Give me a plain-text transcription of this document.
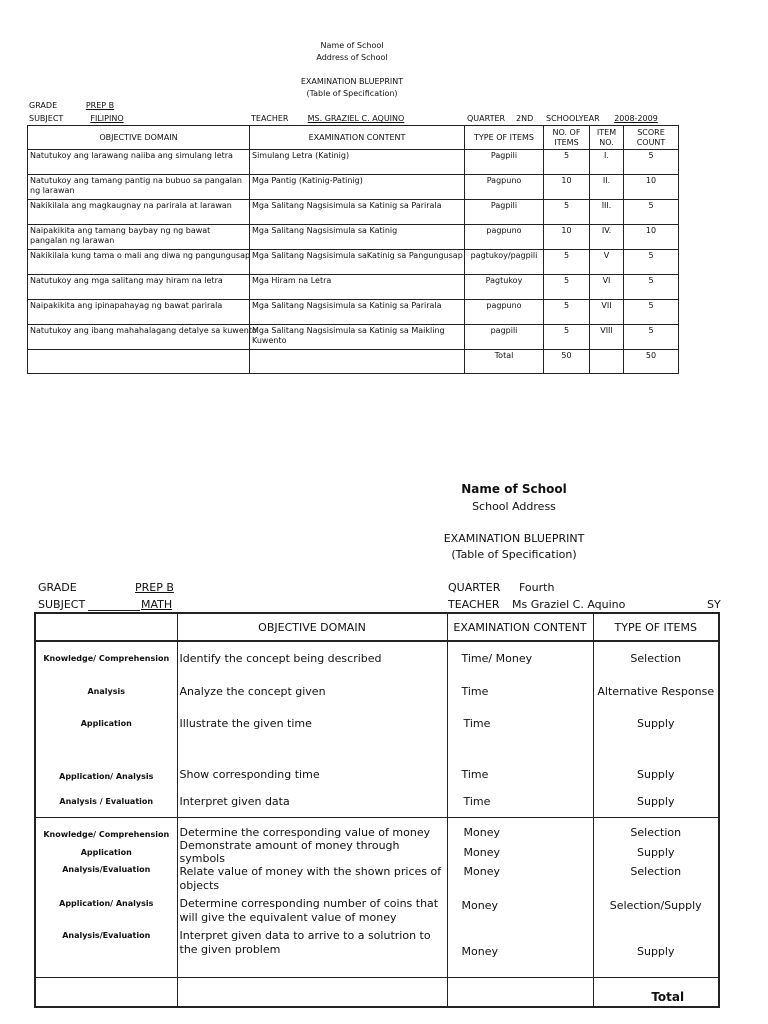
Name of School
Address of School
EXAMINATION BLUEPRINT
(Table of Specification)
GRADE	PREP B
SUBJECT	FILIPINO	TEACHER	MS. GRAZIEL C. AQUINO	QUARTER 2ND SCHOOLYEAR	2008-2009
OBJECTIVE DOMAIN	EXAMINATION CONTENT	TYPE OF ITEMS	NO. OF ITEMS	ITEM NO.	SCORE COUNT
Natutukoy ang larawang naiiba ang simulang letra	Simulang Letra (Katinig)	Pagpili	5	I.	5
Natutukoy ang tamang pantig na bubuo sa pangalan ng larawan	Mga Pantig (Katinig-Patinig)	Pagpuno	10	II.	10
Nakikilala ang magkaugnay na parirala at larawan	Mga Salitang Nagsisimula sa Katinig sa Parirala	Pagpili	5	III.	5
Naipakikita ang tamang baybay ng ng bawat pangalan ng larawan	Mga Salitang Nagsisimula sa Katinig	pagpuno	10	IV.	10
Nakikilala kung tama o mali ang diwa ng pangungusap	Mga Salitang Nagsisimula saKatinig sa Pangungusap	pagtukoy/pagpili	5	V	5
Natutukoy ang mga salitang may hiram na letra	Mga Hiram na Letra	Pagtukoy	5	VI	5
Naipakikita ang ipinapahayag ng bawat parirala	Mga Salitang Nagsisimula sa Katinig sa Parirala	pagpuno	5	VII	5
Natutukoy ang ibang mahahalagang detalye sa kuwento	Mga Salitang Nagsisimula sa Katinig sa Maikling Kuwento	pagpili	5	VIII	5
		Total	50		50
Name of School
School Address
EXAMINATION BLUEPRINT
(Table of Specification)
GRADE	PREP B
SUBJECT	MATH
QUARTER Fourth
TEACHER Ms Graziel C. Aquino	SY
	OBJECTIVE DOMAIN	EXAMINATION CONTENT	TYPE OF ITEMS
Knowledge/ Comprehension	Identify the concept being described	Time/ Money	Selection
Analysis	Analyze the concept given	Time	Alternative Response
Application	Illustrate the given time	Time	Supply
Application/ Analysis	Show corresponding time	Time	Supply
Analysis / Evaluation	Interpret given data	Time	Supply
Knowledge/ Comprehension	Determine the corresponding value of money	Money	Selection
Application	Demonstrate amount of money through symbols	Money	Supply
Analysis/Evaluation	Relate value of money with the shown prices of objects	Money	Selection
Application/ Analysis	Determine corresponding number of coins that will give the equivalent value of money	Money	Selection/Supply
Analysis/Evaluation	Interpret given data to arrive to a solutrion to the given problem	Money	Supply
			Total
